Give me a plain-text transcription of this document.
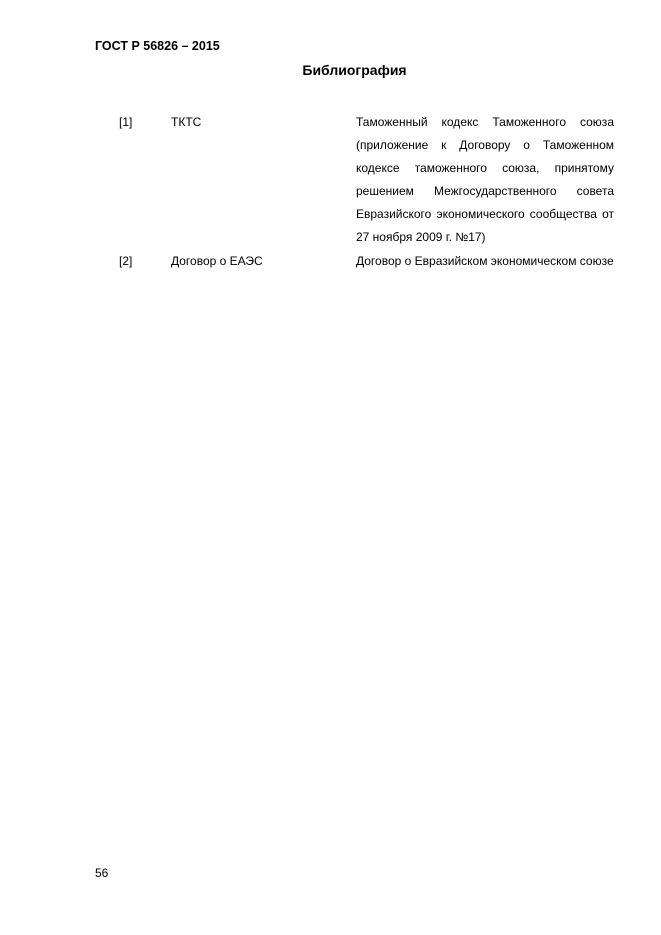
ГОСТ Р 56826 – 2015
Библиография
[1]	ТКТС	Таможенный кодекс Таможенного союза (приложение к Договору о Таможенном кодексе таможенного союза, принятому решением Межгосударственного совета Евразийского экономического сообщества от 27 ноября 2009 г. №17)
[2]	Договор о ЕАЭС	Договор о Евразийском экономическом союзе
56
